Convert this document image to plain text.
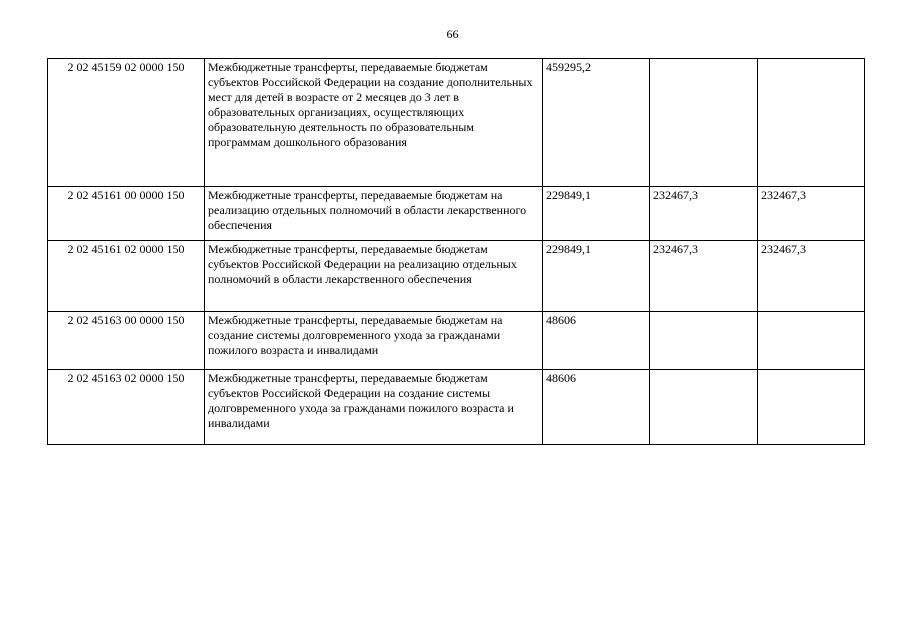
66
2 02 45159 02 0000 150	Межбюджетные трансферты, передаваемые бюджетам субъектов Российской Федерации на создание дополнительных мест для детей в возрасте от 2 месяцев до 3 лет в образовательных организациях, осуществляющих образовательную деятельность по образовательным программам дошкольного образования	459295,2		
2 02 45161 00 0000 150	Межбюджетные трансферты, передаваемые бюджетам на реализацию отдельных полномочий в области лекарственного обеспечения	229849,1	232467,3	232467,3
2 02 45161 02 0000 150	Межбюджетные трансферты, передаваемые бюджетам субъектов Российской Федерации на реализацию отдельных полномочий в области лекарственного обеспечения	229849,1	232467,3	232467,3
2 02 45163 00 0000 150	Межбюджетные трансферты, передаваемые бюджетам на создание системы долговременного ухода за гражданами пожилого возраста и инвалидами	48606		
2 02 45163 02 0000 150	Межбюджетные трансферты, передаваемые бюджетам субъектов Российской Федерации на создание системы долговременного ухода за гражданами пожилого возраста и инвалидами	48606		
